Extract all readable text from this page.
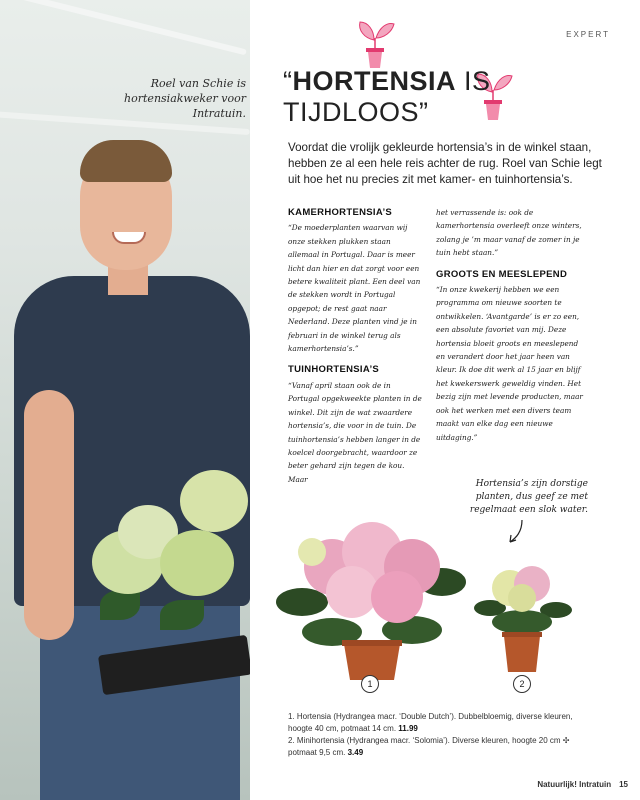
Roel van Schie is hortensiakweker voor Intratuin.
EXPERT
“HORTENSIA IS TIJDLOOS”
Voordat die vrolijk gekleurde hortensia’s in de winkel staan, hebben ze al een hele reis achter de rug. Roel van Schie legt uit hoe het nu precies zit met kamer- en tuinhortensia’s.
KAMERHORTENSIA’S

“De moederplanten waarvan wij onze stekken plukken staan allemaal in Portugal. Daar is meer licht dan hier en dat zorgt voor een betere kwaliteit plant. Een deel van de stekken wordt in Portugal opgepot; de rest gaat naar Nederland. Deze planten vind je in februari in de winkel terug als kamerhortensia’s.”

TUINHORTENSIA’S

“Vanaf april staan ook de in Portugal opgekweekte planten in de winkel. Dit zijn de wat zwaardere hortensia’s, die voor in de tuin. De tuinhortensia’s hebben langer in de koelcel doorgebracht, waardoor ze beter gehard zijn tegen de kou. Maar

het verrassende is: ook de kamerhortensia overleeft onze winters, zolang je ’m maar vanaf de zomer in je tuin hebt staan.”

GROOTS EN MEESLEPEND

“In onze kwekerij hebben we een programma om nieuwe soorten te ontwikkelen. ‘Avantgarde’ is er zo een, een absolute favoriet van mij. Deze hortensia bloeit groots en meeslepend en verandert door het jaar heen van kleur. Ik doe dit werk al 15 jaar en blijf het kwekerswerk geweldig vinden. Het bezig zijn met levende producten, maar ook het werken met een divers team maakt van elke dag een nieuwe uitdaging.”

Hortensia’s zijn dorstige planten, dus geef ze met regelmaat een slok water.
1	2
1. Hortensia (Hydrangea macr. ‘Double Dutch’). Dubbelbloemig, diverse kleuren, hoogte 40 cm, potmaat 14 cm. 11.99
2. Minihortensia (Hydrangea macr. ‘Solomia’). Diverse kleuren, hoogte 20 cm ✣ potmaat 9,5 cm. 3.49
Natuurlijk! Intratuin 15
